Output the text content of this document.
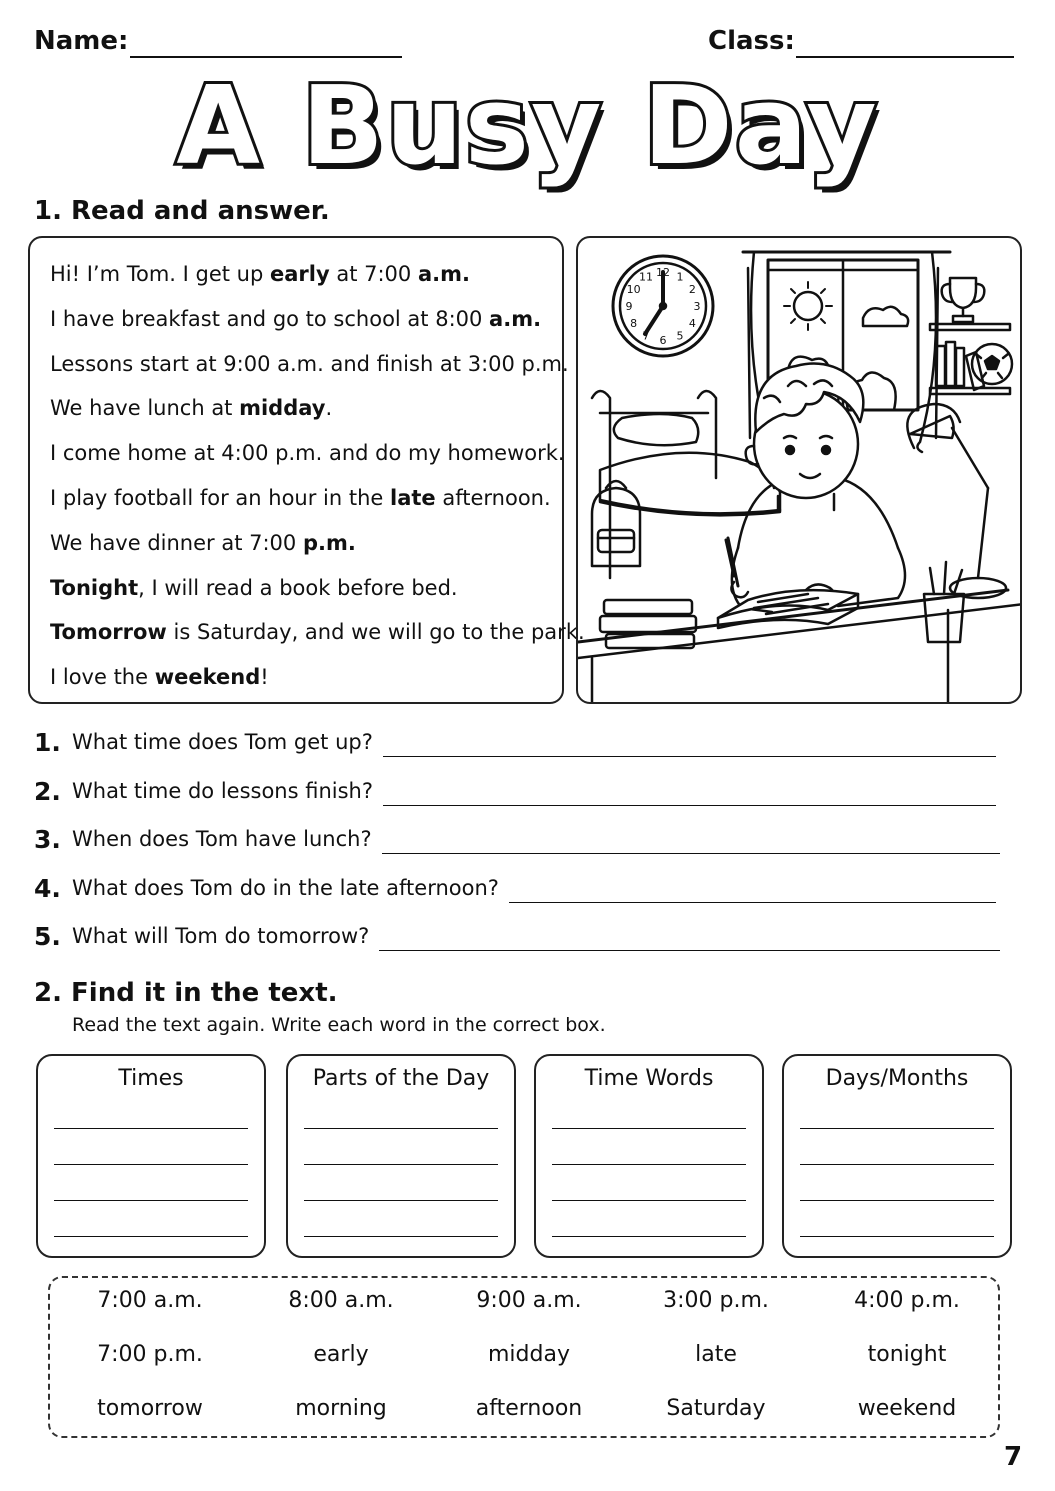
Name:	Class:
A Busy Day
1. Read and answer.
Hi! I’m Tom. I get up early at 7:00 a.m.
I have breakfast and go to school at 8:00 a.m.
Lessons start at 9:00 a.m. and finish at 3:00 p.m.
We have lunch at midday.
I come home at 4:00 p.m. and do my homework.
I play football for an hour in the late afternoon.
We have dinner at 7:00 p.m.
Tonight, I will read a book before bed.
Tomorrow is Saturday, and we will go to the park.
I love the weekend!
12 1
2
3
4
5
6
7
8
9
10
11
1. What time does Tom get up?
2. What time do lessons finish?
3. When does Tom have lunch?
4. What does Tom do in the late afternoon?
5. What will Tom do tomorrow?
2. Find it in the text.
Read the text again. Write each word in the correct box.
Times	Parts of the Day	Time Words	Days/Months
7:00 a.m.	8:00 a.m.	9:00 a.m.	3:00 p.m.	4:00 p.m.
7:00 p.m.	early	midday	late	tonight
tomorrow	morning	afternoon	Saturday	weekend
7
